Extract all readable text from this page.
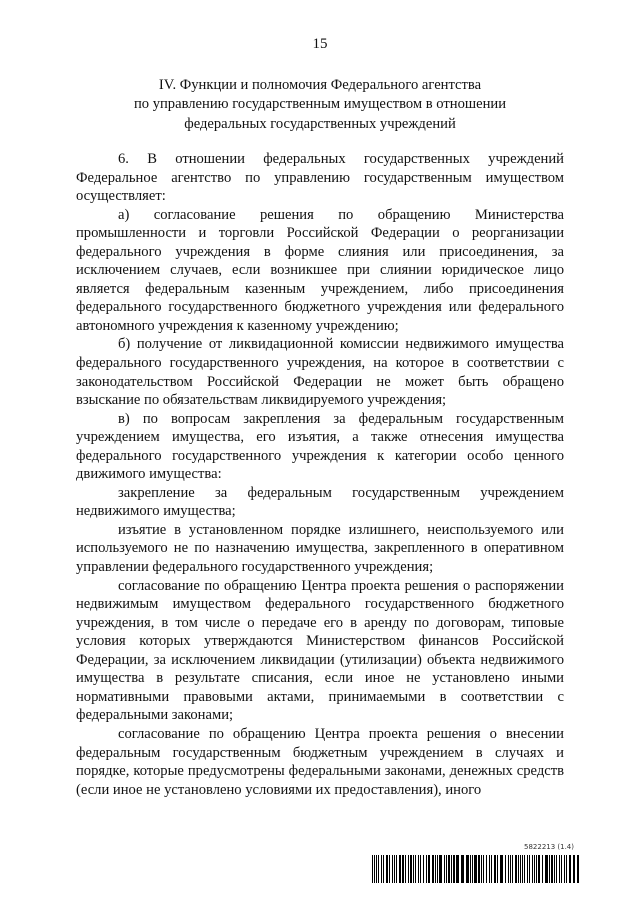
15
IV. Функции и полномочия Федерального агентства
по управлению государственным имуществом в отношении
федеральных государственных учреждений

6. В отношении федеральных государственных учреждений Федеральное агентство по управлению государственным имуществом осуществляет:

а) согласование решения по обращению Министерства промышленности и торговли Российской Федерации о реорганизации федерального учреждения в форме слияния или присоединения, за исключением случаев, если возникшее при слиянии юридическое лицо является федеральным казенным учреждением, либо присоединения федерального государственного бюджетного учреждения или федерального автономного учреждения к казенному учреждению;

б) получение от ликвидационной комиссии недвижимого имущества федерального государственного учреждения, на которое в соответствии с законодательством Российской Федерации не может быть обращено взыскание по обязательствам ликвидируемого учреждения;

в) по вопросам закрепления за федеральным государственным учреждением имущества, его изъятия, а также отнесения имущества федерального государственного учреждения к категории особо ценного движимого имущества:

закрепление за федеральным государственным учреждением недвижимого имущества;

изъятие в установленном порядке излишнего, неиспользуемого или используемого не по назначению имущества, закрепленного в оперативном управлении федерального государственного учреждения;

согласование по обращению Центра проекта решения о распоряжении недвижимым имуществом федерального государственного бюджетного учреждения, в том числе о передаче его в аренду по договорам, типовые условия которых утверждаются Министерством финансов Российской Федерации, за исключением ликвидации (утилизации) объекта недвижимого имущества в результате списания, если иное не установлено иными нормативными правовыми актами, принимаемыми в соответствии с федеральными законами;

согласование по обращению Центра проекта решения о внесении федеральным государственным бюджетным учреждением в случаях и порядке, которые предусмотрены федеральными законами, денежных средств (если иное не установлено условиями их предоставления), иного

5822213 (1.4)
